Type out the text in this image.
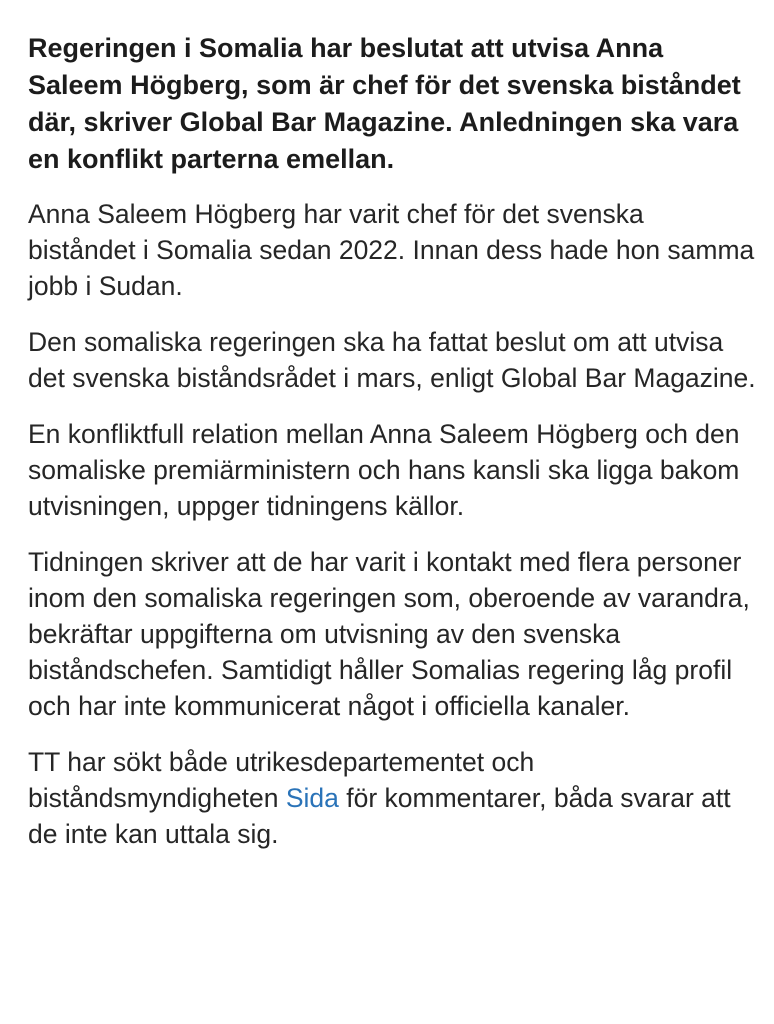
Regeringen i Somalia har beslutat att utvisa Anna Saleem Högberg, som är chef för det svenska biståndet där, skriver Global Bar Magazine. Anledningen ska vara en konflikt parterna emellan.

Anna Saleem Högberg har varit chef för det svenska biståndet i Somalia sedan 2022. Innan dess hade hon samma jobb i Sudan.

Den somaliska regeringen ska ha fattat beslut om att utvisa det svenska biståndsrådet i mars, enligt Global Bar Magazine.

En konfliktfull relation mellan Anna Saleem Högberg och den somaliske premiärministern och hans kansli ska ligga bakom utvisningen, uppger tidningens källor.

Tidningen skriver att de har varit i kontakt med flera personer inom den somaliska regeringen som, oberoende av varandra, bekräftar uppgifterna om utvisning av den svenska biståndschefen. Samtidigt håller Somalias regering låg profil och har inte kommunicerat något i officiella kanaler.

TT har sökt både utrikesdepartementet och biståndsmyndigheten Sida för kommentarer, båda svarar att de inte kan uttala sig.
